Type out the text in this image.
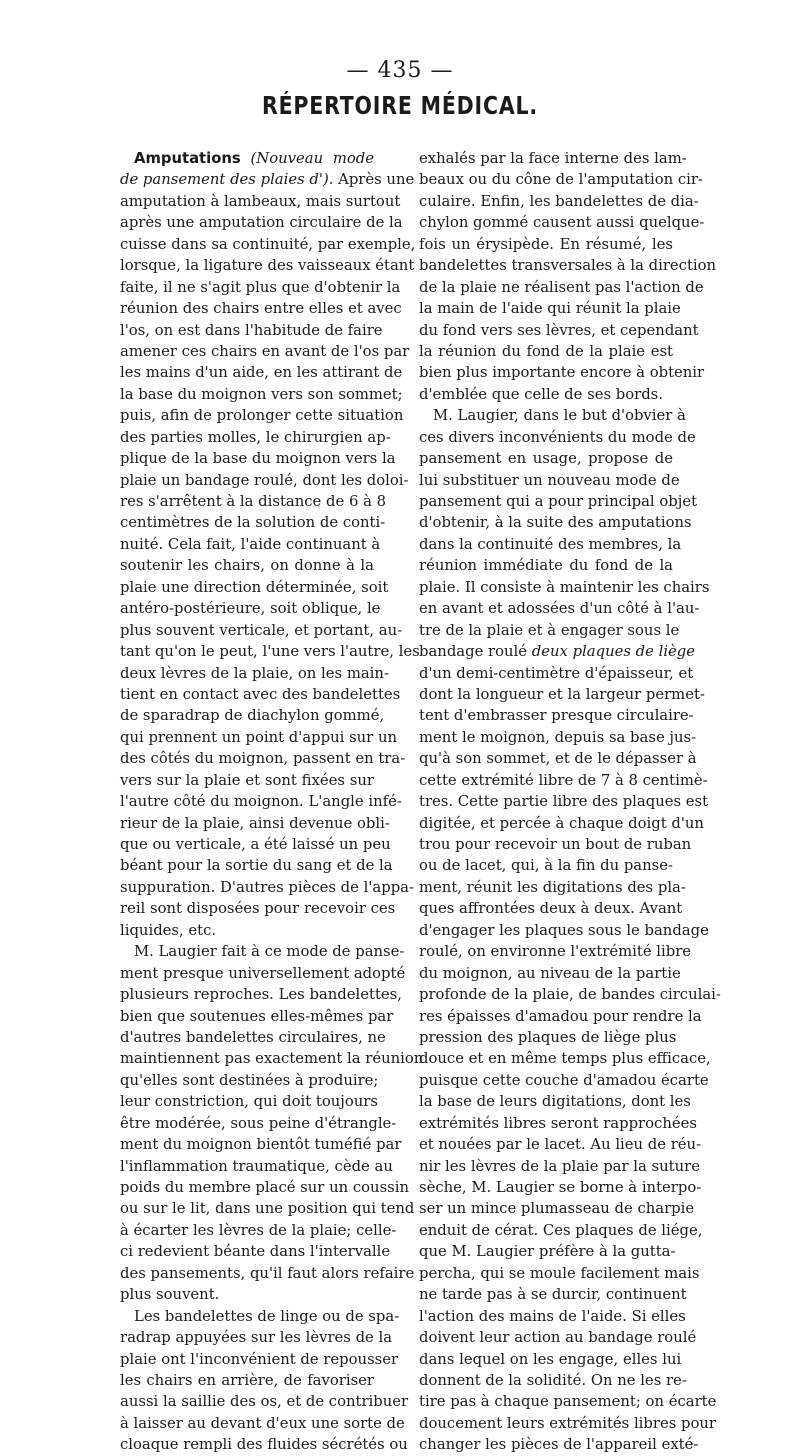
— 435 —
RÉPERTOIRE MÉDICAL.
Amputations (Nouveau mode
de pansement des plaies d'). Après une
amputation à lambeaux, mais surtout
après une amputation circulaire de la
cuisse dans sa continuité, par exemple,
lorsque, la ligature des vaisseaux étant
faite, il ne s'agit plus que d'obtenir la
réunion des chairs entre elles et avec
l'os, on est dans l'habitude de faire
amener ces chairs en avant de l'os par
les mains d'un aide, en les attirant de
la base du moignon vers son sommet;
puis, afin de prolonger cette situation
des parties molles, le chirurgien ap-
plique de la base du moignon vers la
plaie un bandage roulé, dont les doloi-
res s'arrêtent à la distance de 6 à 8
centimètres de la solution de conti-
nuité. Cela fait, l'aide continuant à
soutenir les chairs, on donne à la
plaie une direction déterminée, soit
antéro-postérieure, soit oblique, le
plus souvent verticale, et portant, au-
tant qu'on le peut, l'une vers l'autre, les
deux lèvres de la plaie, on les main-
tient en contact avec des bandelettes
de sparadrap de diachylon gommé,
qui prennent un point d'appui sur un
des côtés du moignon, passent en tra-
vers sur la plaie et sont fixées sur
l'autre côté du moignon. L'angle infé-
rieur de la plaie, ainsi devenue obli-
que ou verticale, a été laissé un peu
béant pour la sortie du sang et de la
suppuration. D'autres pièces de l'appa-
reil sont disposées pour recevoir ces
liquides, etc.
M. Laugier fait à ce mode de panse-
ment presque universellement adopté
plusieurs reproches. Les bandelettes,
bien que soutenues elles-mêmes par
d'autres bandelettes circulaires, ne
maintiennent pas exactement la réunion
qu'elles sont destinées à produire;
leur constriction, qui doit toujours
être modérée, sous peine d'étrangle-
ment du moignon bientôt tuméfié par
l'inflammation traumatique, cède au
poids du membre placé sur un coussin
ou sur le lit, dans une position qui tend
à écarter les lèvres de la plaie; celle-
ci redevient béante dans l'intervalle
des pansements, qu'il faut alors refaire
plus souvent.
Les bandelettes de linge ou de spa-
radrap appuyées sur les lèvres de la
plaie ont l'inconvénient de repousser
les chairs en arrière, de favoriser
aussi la saillie des os, et de contribuer
à laisser au devant d'eux une sorte de
cloaque rempli des fluides sécrétés ou
exhalés par la face interne des lam-
beaux ou du cône de l'amputation cir-
culaire. Enfin, les bandelettes de dia-
chylon gommé causent aussi quelque-
fois un érysipède. En résumé, les
bandelettes transversales à la direction
de la plaie ne réalisent pas l'action de
la main de l'aide qui réunit la plaie
du fond vers ses lèvres, et cependant
la réunion du fond de la plaie est
bien plus importante encore à obtenir
d'emblée que celle de ses bords.
M. Laugier, dans le but d'obvier à
ces divers inconvénients du mode de
pansement en usage, propose de
lui substituer un nouveau mode de
pansement qui a pour principal objet
d'obtenir, à la suite des amputations
dans la continuité des membres, la
réunion immédiate du fond de la
plaie. Il consiste à maintenir les chairs
en avant et adossées d'un côté à l'au-
tre de la plaie et à engager sous le
bandage roulé deux plaques de liège
d'un demi-centimètre d'épaisseur, et
dont la longueur et la largeur permet-
tent d'embrasser presque circulaire-
ment le moignon, depuis sa base jus-
qu'à son sommet, et de le dépasser à
cette extrémité libre de 7 à 8 centimè-
tres. Cette partie libre des plaques est
digitée, et percée à chaque doigt d'un
trou pour recevoir un bout de ruban
ou de lacet, qui, à la fin du panse-
ment, réunit les digitations des pla-
ques affrontées deux à deux. Avant
d'engager les plaques sous le bandage
roulé, on environne l'extrémité libre
du moignon, au niveau de la partie
profonde de la plaie, de bandes circulai-
res épaisses d'amadou pour rendre la
pression des plaques de liège plus
douce et en même temps plus efficace,
puisque cette couche d'amadou écarte
la base de leurs digitations, dont les
extrémités libres seront rapprochées
et nouées par le lacet. Au lieu de réu-
nir les lèvres de la plaie par la suture
sèche, M. Laugier se borne à interpo-
ser un mince plumasseau de charpie
enduit de cérat. Ces plaques de liége,
que M. Laugier préfère à la gutta-
percha, qui se moule facilement mais
ne tarde pas à se durcir, continuent
l'action des mains de l'aide. Si elles
doivent leur action au bandage roulé
dans lequel on les engage, elles lui
donnent de la solidité. On ne les re-
tire pas à chaque pansement; on écarte
doucement leurs extrémités libres pour
changer les pièces de l'appareil exté-
